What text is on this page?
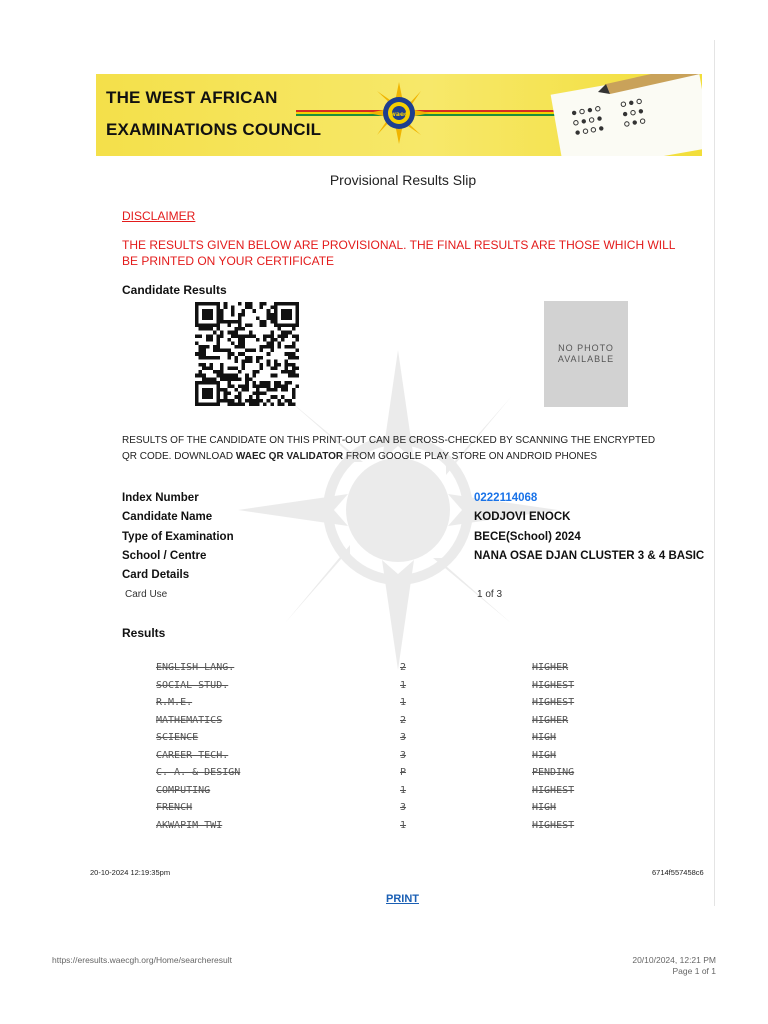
THE WEST AFRICAN
EXAMINATIONS COUNCIL
waec
Provisional Results Slip
DISCLAIMER
THE RESULTS GIVEN BELOW ARE PROVISIONAL. THE FINAL RESULTS ARE THOSE WHICH WILL BE PRINTED ON YOUR CERTIFICATE
Candidate Results
NO PHOTO AVAILABLE
RESULTS OF THE CANDIDATE ON THIS PRINT-OUT CAN BE CROSS-CHECKED BY SCANNING THE ENCRYPTED QR CODE. DOWNLOAD WAEC QR VALIDATOR FROM GOOGLE PLAY STORE ON ANDROID PHONES
Index Number	0222114068
Candidate Name	KODJOVI ENOCK
Type of Examination	BECE(School) 2024
School / Centre	NANA OSAE DJAN CLUSTER 3 & 4 BASIC
Card Details
Card Use	1 of 3
Results
ENGLISH LANG.	2	HIGHER
SOCIAL STUD.	1	HIGHEST
R.M.E.	1	HIGHEST
MATHEMATICS	2	HIGHER
SCIENCE	3	HIGH
CAREER TECH.	3	HIGH
C. A. & DESIGN	P	PENDING
COMPUTING	1	HIGHEST
FRENCH	3	HIGH
AKWAPIM TWI	1	HIGHEST
20-10-2024 12:19:35pm	6714f557458c6
PRINT
https://eresults.waecgh.org/Home/searcheresult	20/10/2024, 12:21 PM
Page 1 of 1
